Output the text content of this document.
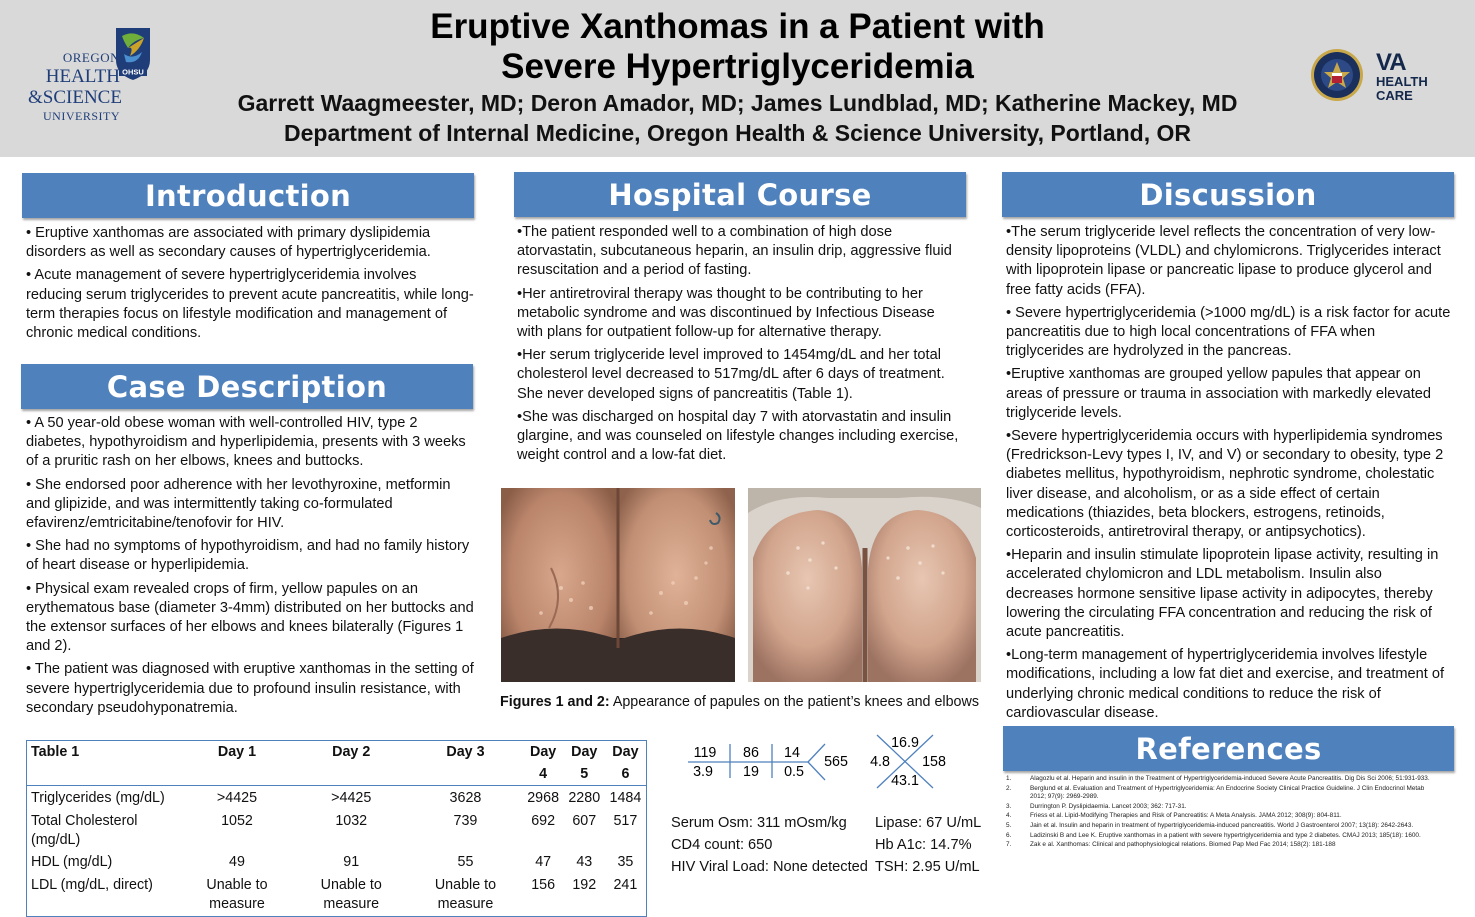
OHSU
OREGON
HEALTH
&SCIENCE
UNIVERSITY
Eruptive Xanthomas in a Patient with
Severe Hypertriglyceridemia
Garrett Waagmeester, MD; Deron Amador, MD; James Lundblad, MD; Katherine Mackey, MD
Department of Internal Medicine, Oregon Health & Science University, Portland, OR
VA
HEALTH
CARE
Introduction

• Eruptive xanthomas are associated with primary dyslipidemia disorders as well as secondary causes of hypertriglyceridemia.

• Acute management of severe hypertriglyceridemia involves reducing serum triglycerides to prevent acute pancreatitis, while long-term therapies focus on lifestyle modification and management of chronic medical conditions.

Case Description

• A 50 year-old obese woman with well-controlled HIV, type 2 diabetes, hypothyroidism and hyperlipidemia, presents with 3 weeks of a pruritic rash on her elbows, knees and buttocks.

• She endorsed poor adherence with her levothyroxine, metformin and glipizide, and was intermittently taking co-formulated efavirenz/emtricitabine/tenofovir for HIV.

• She had no symptoms of hypothyroidism, and had no family history of heart disease or hyperlipidemia.

• Physical exam revealed crops of firm, yellow papules on an erythematous base (diameter 3-4mm) distributed on her buttocks and the extensor surfaces of her elbows and knees bilaterally (Figures 1 and 2).

• The patient was diagnosed with eruptive xanthomas in the setting of severe hypertriglyceridemia due to profound insulin resistance, with secondary pseudohyponatremia.

Hospital Course

•The patient responded well to a combination of high dose atorvastatin, subcutaneous heparin, an insulin drip, aggressive fluid resuscitation and a period of fasting.

•Her antiretroviral therapy was thought to be contributing to her metabolic syndrome and was discontinued by Infectious Disease with plans for outpatient follow-up for alternative therapy.

•Her serum triglyceride level improved to 1454mg/dL and her total cholesterol level decreased to 517mg/dL after 6 days of treatment. She never developed signs of pancreatitis (Table 1).

•She was discharged on hospital day 7 with atorvastatin and insulin glargine, and was counseled on lifestyle changes including exercise, weight control and a low-fat diet.

Figures 1 and 2: Appearance of papules on the patient’s knees and elbows
Discussion

•The serum triglyceride level reflects the concentration of very low-density lipoproteins (VLDL) and chylomicrons. Triglycerides interact with lipoprotein lipase or pancreatic lipase to produce glycerol and free fatty acids (FFA).

• Severe hypertriglyceridemia (>1000 mg/dL) is a risk factor for acute pancreatitis due to high local concentrations of FFA when triglycerides are hydrolyzed in the pancreas.

•Eruptive xanthomas are grouped yellow papules that appear on areas of pressure or trauma in association with markedly elevated triglyceride levels.

•Severe hypertriglyceridemia occurs with hyperlipidemia syndromes (Fredrickson-Levy types I, IV, and V) or secondary to obesity, type 2 diabetes mellitus, hypothyroidism, nephrotic syndrome, cholestatic liver disease, and alcoholism, or as a side effect of certain medications (thiazides, beta blockers, estrogens, retinoids, corticosteroids, antiretroviral therapy, or antipsychotics).

•Heparin and insulin stimulate lipoprotein lipase activity, resulting in accelerated chylomicron and LDL metabolism. Insulin also decreases hormone sensitive lipase activity in adipocytes, thereby lowering the circulating FFA concentration and reducing the risk of acute pancreatitis.

•Long-term management of hypertriglyceridemia involves lifestyle modifications, including a low fat diet and exercise, and treatment of underlying chronic medical conditions to reduce the risk of cardiovascular disease.

References
1.	Alagozlu et al. Heparin and insulin in the Treatment of Hypertriglyceridemia-induced Severe Acute Pancreatitis. Dig Dis Sci 2006; 51:931-933.
2.	Berglund et al. Evaluation and Treatment of Hypertriglyceridemia: An Endocrine Society Clinical Practice Guideline. J Clin Endocrinol Metab 2012; 97(9): 2969-2989.
3.	Durrington P. Dyslipidaemia. Lancet 2003; 362: 717-31.
4.	Friess et al. Lipid-Modifying Therapies and Risk of Pancreatitis: A Meta Analysis. JAMA 2012; 308(9): 804-811.
5.	Jain et al. Insulin and heparin in treatment of hypertriglyceridemia-induced pancreatitis. World J Gastroenterol 2007; 13(18): 2642-2643.
6.	Ladizinski B and Lee K. Eruptive xanthomas in a patient with severe hypertriglyceridemia and type 2 diabetes. CMAJ 2013; 185(18): 1600.
7.	Zak e al. Xanthomas: Clinical and pathophysiological relations. Biomed Pap Med Fac 2014; 158(2): 181-188
Table 1	Day 1	Day 2	Day 3	Day 4	Day 5	Day 6
Triglycerides (mg/dL)	>4425	>4425	3628	2968	2280	1484
Total Cholesterol (mg/dL)	1052	1032	739	692	607	517
HDL (mg/dL)	49	91	55	47	43	35
LDL (mg/dL, direct)	Unable to measure	Unable to measure	Unable to measure	156	192	241
119 86 14
3.9 19 0.5
565 4.8
16.9
43.1
158
Serum Osm: 311 mOsm/kg
CD4 count: 650
HIV Viral Load: None detected
Lipase: 67 U/mL
Hb A1c: 14.7%
TSH: 2.95 U/mL
